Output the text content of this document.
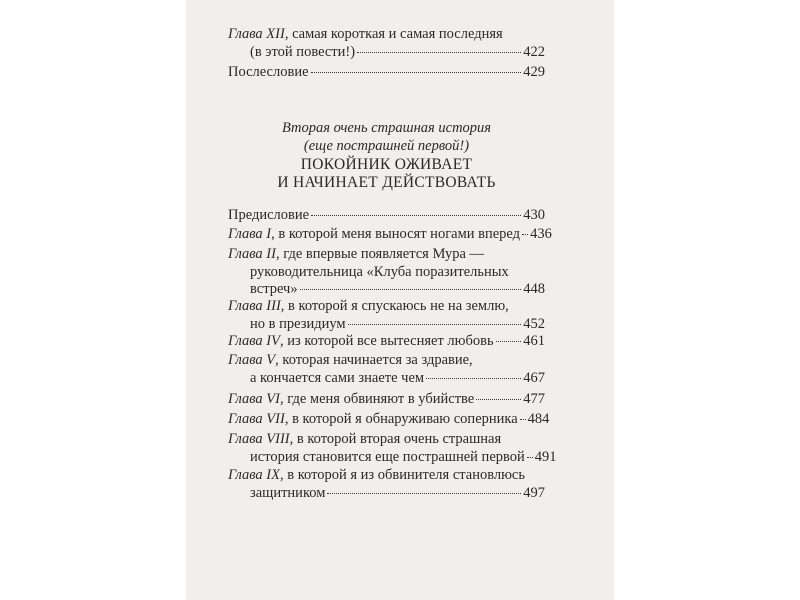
Глава XII, самая короткая и самая последняя
(в этой повести!)	422
Послесловие	429
Вторая очень страшная история
(еще пострашней первой!)
ПОКОЙНИК ОЖИВАЕТ
И НАЧИНАЕТ ДЕЙСТВОВАТЬ
Предисловие	430
Глава I , в которой меня выносят ногами вперед 436
Глава II, где впервые появляется Мура —
руководительница «Клуба поразительных
встреч»	448
Глава III, в которой я спускаюсь не на землю,
но в президиум	452
Глава IV , из которой все вытесняет любовь 461
Глава V, которая начинается за здравие,
а кончается сами знаете чем	467
Глава VI , где меня обвиняют в убийстве	477
Глава VII , в которой я обнаруживаю соперника 484
Глава VIII, в которой вторая очень страшная
история становится еще пострашней первой 491
Глава IX, в которой я из обвинителя становлюсь
защитником	497
